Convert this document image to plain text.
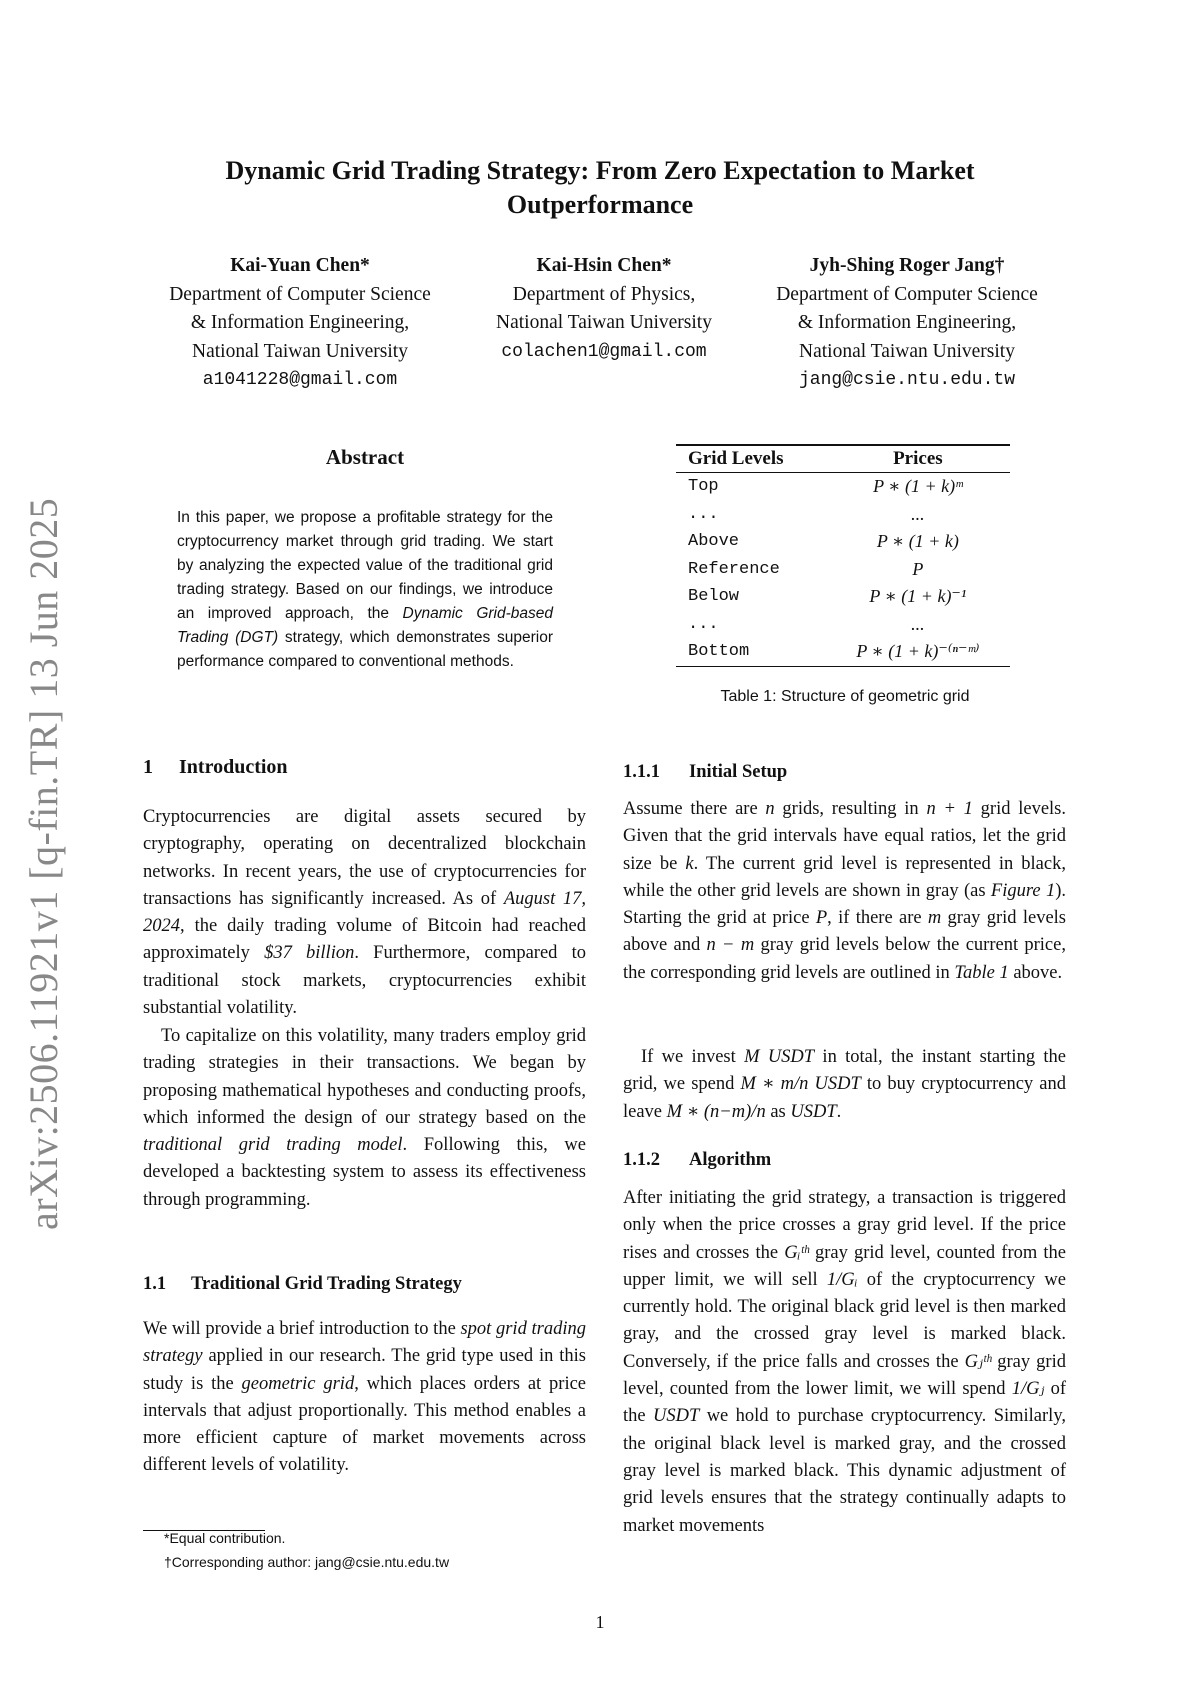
arXiv:2506.11921v1 [q-fin.TR] 13 Jun 2025
Dynamic Grid Trading Strategy: From Zero Expectation to Market
Outperformance
Kai-Yuan Chen*
Department of Computer Science
& Information Engineering,
National Taiwan University
a1041228@gmail.com
Kai-Hsin Chen*
Department of Physics,
National Taiwan University
colachen1@gmail.com
Jyh-Shing Roger Jang†
Department of Computer Science
& Information Engineering,
National Taiwan University
jang@csie.ntu.edu.tw
Abstract
In this paper, we propose a profitable strategy for the cryptocurrency market through grid trading. We start by analyzing the expected value of the traditional grid trading strategy. Based on our findings, we introduce an improved approach, the Dynamic Grid-based Trading (DGT) strategy, which demonstrates superior performance compared to conventional methods.
1 Introduction
Cryptocurrencies are digital assets secured by cryptography, operating on decentralized blockchain networks. In recent years, the use of cryptocurrencies for transactions has significantly increased. As of August 17, 2024, the daily trading volume of Bitcoin had reached approximately $37 billion. Furthermore, compared to traditional stock markets, cryptocurrencies exhibit substantial volatility.
To capitalize on this volatility, many traders employ grid trading strategies in their transactions. We began by proposing mathematical hypotheses and conducting proofs, which informed the design of our strategy based on the traditional grid trading model. Following this, we developed a backtesting system to assess its effectiveness through programming.
1.1 Traditional Grid Trading Strategy
We will provide a brief introduction to the spot grid trading strategy applied in our research. The grid type used in this study is the geometric grid, which places orders at price intervals that adjust proportionally. This method enables a more efficient capture of market movements across different levels of volatility.
*Equal contribution.
†Corresponding author: jang@csie.ntu.edu.tw
Grid Levels	Prices
Top	P ∗ (1 + k)ᵐ
...	...
Above	P ∗ (1 + k)
Reference	P
Below	P ∗ (1 + k)⁻¹
...	...
Bottom	P ∗ (1 + k)⁻⁽ⁿ⁻ᵐ⁾
Table 1: Structure of geometric grid
1.1.1 Initial Setup
Assume there are n grids, resulting in n + 1 grid levels. Given that the grid intervals have equal ratios, let the grid size be k. The current grid level is represented in black, while the other grid levels are shown in gray (as Figure 1). Starting the grid at price P, if there are m gray grid levels above and n − m gray grid levels below the current price, the corresponding grid levels are outlined in Table 1 above.
If we invest M USDT in total, the instant starting the grid, we spend M ∗ m/n USDT to buy cryptocurrency and leave M ∗ (n−m)/n as USDT.
1.1.2 Algorithm
After initiating the grid strategy, a transaction is triggered only when the price crosses a gray grid level. If the price rises and crosses the Gᵢᵗʰ gray grid level, counted from the upper limit, we will sell 1/Gᵢ of the cryptocurrency we currently hold. The original black grid level is then marked gray, and the crossed gray level is marked black. Conversely, if the price falls and crosses the Gⱼᵗʰ gray grid level, counted from the lower limit, we will spend 1/Gⱼ of the USDT we hold to purchase cryptocurrency. Similarly, the original black level is marked gray, and the crossed gray level is marked black. This dynamic adjustment of grid levels ensures that the strategy continually adapts to market movements
1
